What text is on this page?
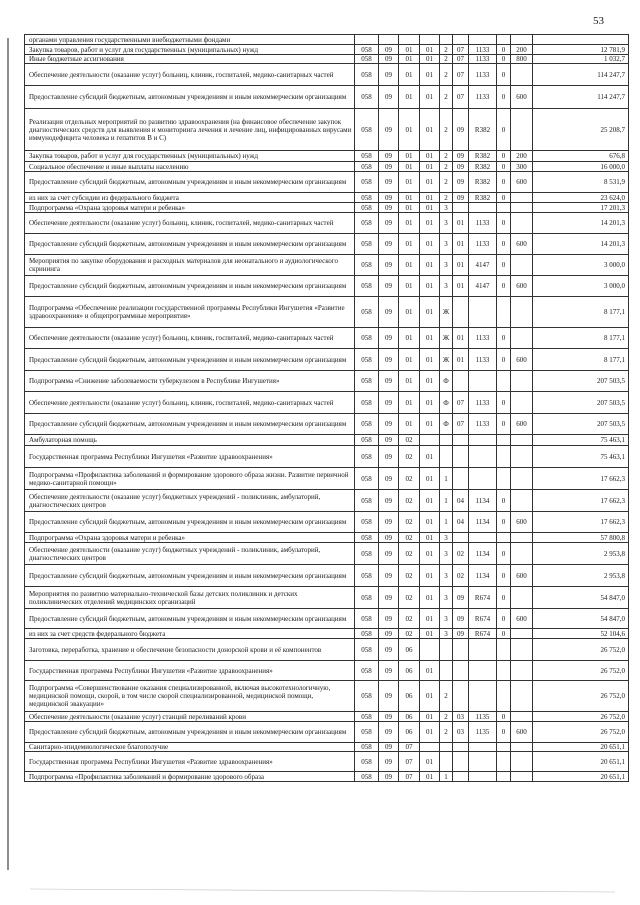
53
органами управления государственными внебюджетными фондами										
Закупка товаров, работ и услуг для государственных (муниципальных) нужд	058	09	01	01	2	07	1133	0	200	12 781,9
Иные бюджетные ассигнования	058	09	01	01	2	07	1133	0	800	1 032,7
Обеспечение деятельности (оказание услуг) больниц, клиник, госпиталей, медико-санитарных частей	058	09	01	01	2	07	1133	0		114 247,7
Предоставление субсидий бюджетным, автономным учреждениям и иным некоммерческим организациям	058	09	01	01	2	07	1133	0	600	114 247,7
Реализация отдельных мероприятий по развитию здравоохранения (на финансовое обеспечение закупок диагностических средств для выявления и мониторинга лечения и лечение лиц, инфицированных вирусами иммунодефицита человека и гепатитов В и С)	058	09	01	01	2	09	R382	0		25 208,7
Закупка товаров, работ и услуг для государственных (муниципальных) нужд	058	09	01	01	2	09	R382	0	200	676,8
Социальное обеспечение и иные выплаты населению	058	09	01	01	2	09	R382	0	300	16 000,0
Предоставление субсидий бюджетным, автономным учреждениям и иным некоммерческим организациям	058	09	01	01	2	09	R382	0	600	8 531,9
из них за счет субсидии из федерального бюджета	058	09	01	01	2	09	R382	0		23 624,0
Подпрограмма «Охрана здоровья матери и ребенка»	058	09	01	01	3					17 201,3
Обеспечение деятельности (оказание услуг) больниц, клиник, госпиталей, медико-санитарных частей	058	09	01	01	3	01	1133	0		14 201,3
Предоставление субсидий бюджетным, автономным учреждениям и иным некоммерческим организациям	058	09	01	01	3	01	1133	0	600	14 201,3
Мероприятия по закупке оборудования и расходных материалов для неонатального и аудиологического скрининга	058	09	01	01	3	01	4147	0		3 000,0
Предоставление субсидий бюджетным, автономным учреждениям и иным некоммерческим организациям	058	09	01	01	3	01	4147	0	600	3 000,0
Подпрограмма «Обеспечение реализации государственной программы Республики Ингушетия «Развитие здравоохранения» и общепрограммные мероприятия»	058	09	01	01	Ж					8 177,1
Обеспечение деятельности (оказание услуг) больниц, клиник, госпиталей, медико-санитарных частей	058	09	01	01	Ж	01	1133	0		8 177,1
Предоставление субсидий бюджетным, автономным учреждениям и иным некоммерческим организациям	058	09	01	01	Ж	01	1133	0	600	8 177,1
Подпрограмма «Снижение заболеваемости туберкулезом в Республике Ингушетия»	058	09	01	01	Ф					207 503,5
Обеспечение деятельности (оказание услуг) больниц, клиник, госпиталей, медико-санитарных частей	058	09	01	01	Ф	07	1133	0		207 503,5
Предоставление субсидий бюджетным, автономным учреждениям и иным некоммерческим организациям	058	09	01	01	Ф	07	1133	0	600	207 503,5
Амбулаторная помощь	058	09	02							75 463,1
Государственная программа Республики Ингушетия «Развитие здравоохранения»	058	09	02	01						75 463,1
Подпрограмма «Профилактика заболеваний и формирование здорового образа жизни. Развитие первичной медико-санитарной помощи»	058	09	02	01	1					17 662,3
Обеспечение деятельности (оказание услуг) бюджетных учреждений - поликлиник, амбулаторий, диагностических центров	058	09	02	01	1	04	1134	0		17 662,3
Предоставление субсидий бюджетным, автономным учреждениям и иным некоммерческим организациям	058	09	02	01	1	04	1134	0	600	17 662,3
Подпрограмма «Охрана здоровья матери и ребенка»	058	09	02	01	3					57 800,8
Обеспечение деятельности (оказание услуг) бюджетных учреждений - поликлиник, амбулаторий, диагностических центров	058	09	02	01	3	02	1134	0		2 953,8
Предоставление субсидий бюджетным, автономным учреждениям и иным некоммерческим организациям	058	09	02	01	3	02	1134	0	600	2 953,8
Мероприятия по развитию материально-технической базы детских поликлиник и детских поликлинических отделений медицинских организаций	058	09	02	01	3	09	R674	0		54 847,0
Предоставление субсидий бюджетным, автономным учреждениям и иным некоммерческим организациям	058	09	02	01	3	09	R674	0	600	54 847,0
из них за счет средств федерального бюджета	058	09	02	01	3	09	R674	0		52 104,6
Заготовка, переработка, хранение и обеспечение безопасности донорской крови и её компонентов	058	09	06							26 752,0
Государственная программа Республики Ингушетия «Развитие здравоохранения»	058	09	06	01						26 752,0
Подпрограмма «Совершенствование оказания специализированной, включая высокотехнологичную, медицинской помощи, скорой, в том числе скорой специализированной, медицинской помощи, медицинской эвакуации»	058	09	06	01	2					26 752,0
Обеспечение деятельности (оказание услуг) станций переливаний крови	058	09	06	01	2	03	1135	0		26 752,0
Предоставление субсидий бюджетным, автономным учреждениям и иным некоммерческим организациям	058	09	06	01	2	03	1135	0	600	26 752,0
Санитарно-эпидемиологическое благополучие	058	09	07							20 651,1
Государственная программа Республики Ингушетия «Развитие здравоохранения»	058	09	07	01						20 651,1
Подпрограмма «Профилактика заболеваний и формирование здорового образа	058	09	07	01	1					20 651,1
